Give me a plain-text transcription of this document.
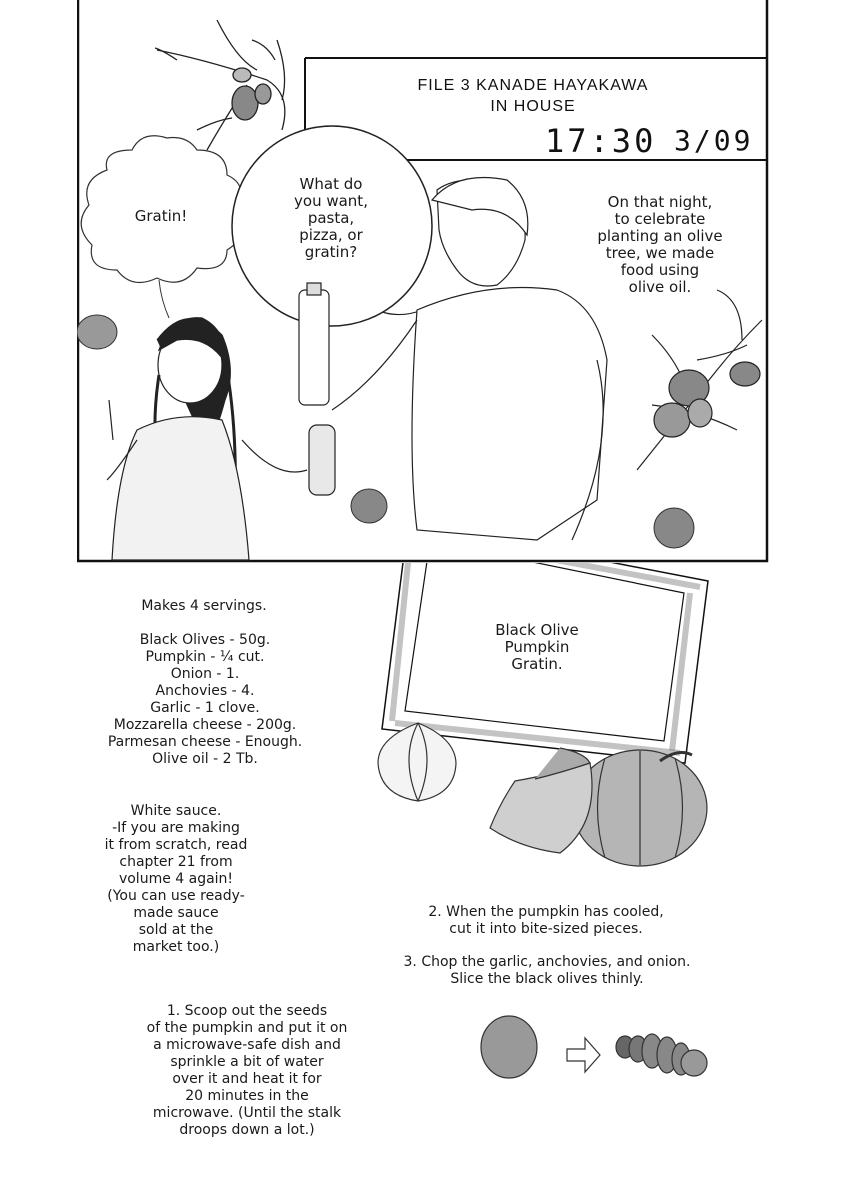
FILE 3 KANADE HAYAKAWA
IN HOUSE
17:30 3/09
Gratin!
What do
you want,
pasta,
pizza, or
gratin?
On that night,
to celebrate
planting an olive
tree, we made
food using
olive oil.
Black Olive
Pumpkin
Gratin.
Makes 4 servings.
Black Olives - 50g.
Pumpkin - ¼ cut.
Onion - 1.
Anchovies - 4.
Garlic - 1 clove.
Mozzarella cheese - 200g.
Parmesan cheese - Enough.
Olive oil - 2 Tb.
White sauce.
-If you are making
it from scratch, read
chapter 21 from
volume 4 again!
(You can use ready-
made sauce
sold at the
market too.)
1. Scoop out the seeds
of the pumpkin and put it on
a microwave-safe dish and
sprinkle a bit of water
over it and heat it for
20 minutes in the
microwave. (Until the stalk
droops down a lot.)
2. When the pumpkin has cooled,
cut it into bite-sized pieces.
3. Chop the garlic, anchovies, and onion.
Slice the black olives thinly.
